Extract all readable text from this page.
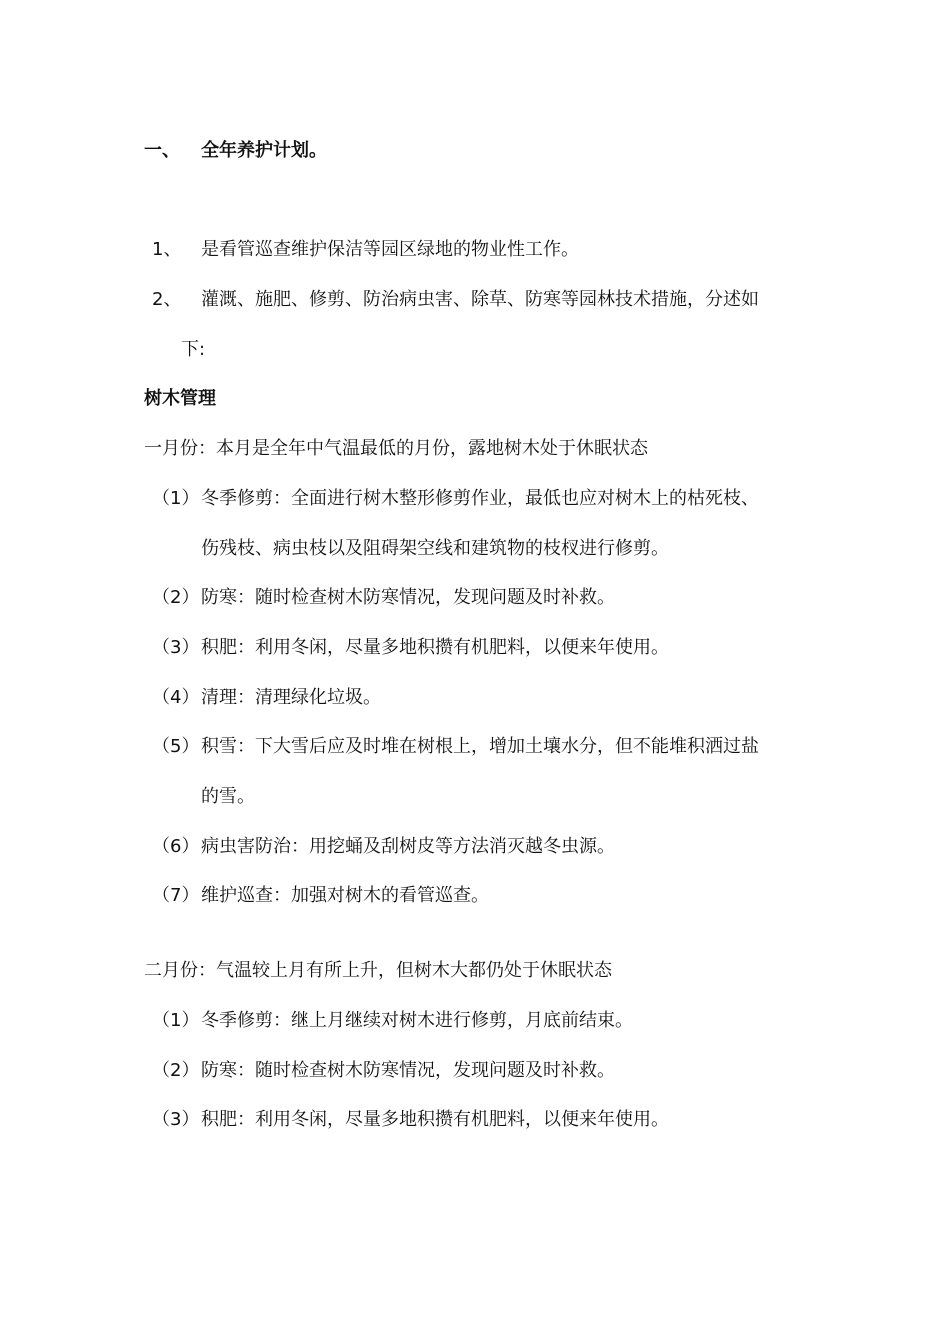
一、 全年养护计划。
1、 是看管巡查维护保洁等园区绿地的物业性工作。
2、 灌溉、施肥、修剪、防治病虫害、除草、防寒等园林技术措施，分述如
下:
树木管理
一月份：本月是全年中气温最低的月份，露地树木处于休眠状态
（1） 冬季修剪：全面进行树木整形修剪作业，最低也应对树木上的枯死枝、
伤残枝、病虫枝以及阻碍架空线和建筑物的枝杈进行修剪。
（2） 防寒：随时检查树木防寒情况，发现问题及时补救。
（3） 积肥：利用冬闲，尽量多地积攒有机肥料，以便来年使用。
（4） 清理：清理绿化垃圾。
（5） 积雪：下大雪后应及时堆在树根上，增加土壤水分，但不能堆积洒过盐
的雪。
（6） 病虫害防治：用挖蛹及刮树皮等方法消灭越冬虫源。
（7） 维护巡查：加强对树木的看管巡查。
二月份：气温较上月有所上升，但树木大都仍处于休眠状态
（1） 冬季修剪：继上月继续对树木进行修剪，月底前结束。
（2） 防寒：随时检查树木防寒情况，发现问题及时补救。
（3） 积肥：利用冬闲，尽量多地积攒有机肥料，以便来年使用。
